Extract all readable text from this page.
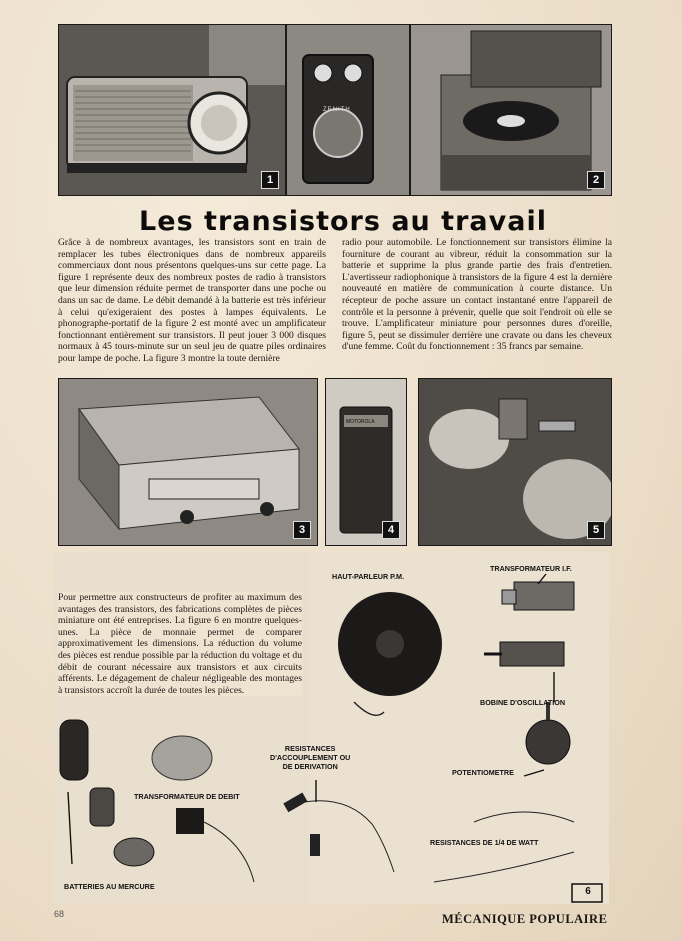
1
ZENITH
2
Les transistors au travail
Grâce à de nombreux avantages, les transistors sont en train de remplacer les tubes électroniques dans de nombreux appareils commerciaux dont nous présentons quelques-uns sur cette page. La figure 1 représente deux des nombreux postes de radio à transistors que leur dimension réduite permet de transporter dans une poche ou dans un sac de dame. Le débit demandé à la batterie est très inférieur à celui qu'exigeraient des postes à lampes équivalents. Le phonographe-portatif de la figure 2 est monté avec un amplificateur fonctionnant entièrement sur transistors. Il peut jouer 3 000 disques normaux à 45 tours-minute sur un seul jeu de quatre piles ordinaires pour lampe de poche. La figure 3 montre la toute dernière
radio pour automobile. Le fonctionnement sur transistors élimine la fourniture de courant au vibreur, réduit la consommation sur la batterie et supprime la plus grande partie des frais d'entretien. L'avertisseur radiophonique à transistors de la figure 4 est la dernière nouveauté en matière de communication à courte distance. Un récepteur de poche assure un contact instantané entre l'appareil de contrôle et la personne à prévenir, quelle que soit l'endroit où elle se trouve. L'amplificateur miniature pour personnes dures d'oreille, figure 5, peut se dissimuler derrière une cravate ou dans les cheveux d'une femme. Coût du fonctionnement : 35 francs par semaine.
3
MOTOROLA
4	5
Pour permettre aux constructeurs de profiter au maximum des avantages des transistors, des fabrications complètes de pièces miniature ont été entreprises. La figure 6 en montre quelques-unes. La pièce de monnaie permet de comparer approximativement les dimensions. La réduction du volume des pièces est rendue possible par la réduction du voltage et du débit de courant nécessaire aux transistors et aux circuits afférents. Le dégagement de chaleur négligeable des montages à transistors accroît la durée de toutes les pièces.
HAUT-PARLEUR P.M.
TRANSFORMATEUR I.F.
BOBINE D'OSCILLATION
RESISTANCES
D'ACCOUPLEMENT OU
DE DERIVATION
POTENTIOMETRE
TRANSFORMATEUR DE DEBIT
RESISTANCES DE 1/4 DE WATT
BATTERIES AU MERCURE	6
68	MÉCANIQUE POPULAIRE
